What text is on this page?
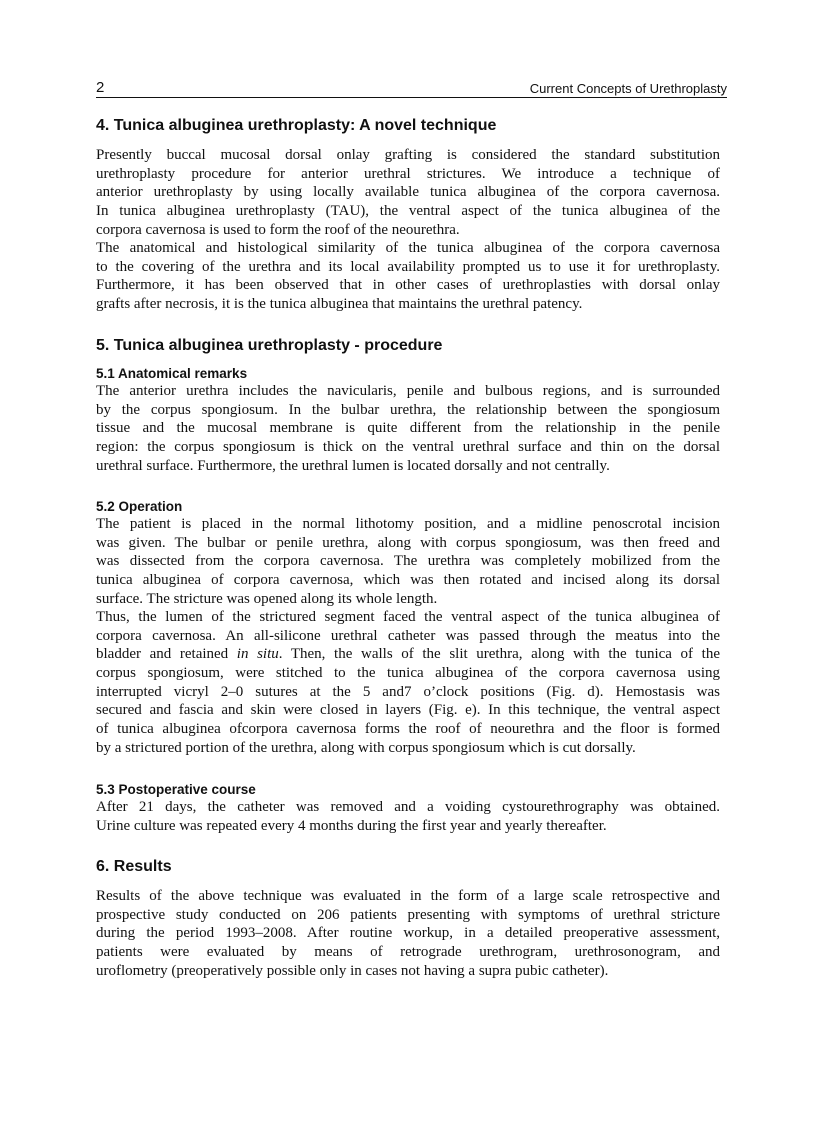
2	Current Concepts of Urethroplasty
4. Tunica albuginea urethroplasty: A novel technique
Presently buccal mucosal dorsal onlay grafting is considered the standard substitution
urethroplasty procedure for anterior urethral strictures. We introduce a technique of
anterior urethroplasty by using locally available tunica albuginea of the corpora cavernosa.
In tunica albuginea urethroplasty (TAU), the ventral aspect of the tunica albuginea of the
corpora cavernosa is used to form the roof of the neourethra.
The anatomical and histological similarity of the tunica albuginea of the corpora cavernosa
to the covering of the urethra and its local availability prompted us to use it for urethroplasty.
Furthermore, it has been observed that in other cases of urethroplasties with dorsal onlay
grafts after necrosis, it is the tunica albuginea that maintains the urethral patency.
5. Tunica albuginea urethroplasty - procedure
5.1 Anatomical remarks
The anterior urethra includes the navicularis, penile and bulbous regions, and is surrounded
by the corpus spongiosum. In the bulbar urethra, the relationship between the spongiosum
tissue and the mucosal membrane is quite different from the relationship in the penile
region: the corpus spongiosum is thick on the ventral urethral surface and thin on the dorsal
urethral surface. Furthermore, the urethral lumen is located dorsally and not centrally.
5.2 Operation
The patient is placed in the normal lithotomy position, and a midline penoscrotal incision
was given. The bulbar or penile urethra, along with corpus spongiosum, was then freed and
was dissected from the corpora cavernosa. The urethra was completely mobilized from the
tunica albuginea of corpora cavernosa, which was then rotated and incised along its dorsal
surface. The stricture was opened along its whole length.
Thus, the lumen of the strictured segment faced the ventral aspect of the tunica albuginea of
corpora cavernosa. An all-silicone urethral catheter was passed through the meatus into the
bladder and retained in situ. Then, the walls of the slit urethra, along with the tunica of the
corpus spongiosum, were stitched to the tunica albuginea of the corpora cavernosa using
interrupted vicryl 2–0 sutures at the 5 and7 o’clock positions (Fig. d). Hemostasis was
secured and fascia and skin were closed in layers (Fig. e). In this technique, the ventral aspect
of tunica albuginea ofcorpora cavernosa forms the roof of neourethra and the floor is formed
by a strictured portion of the urethra, along with corpus spongiosum which is cut dorsally.
5.3 Postoperative course
After 21 days, the catheter was removed and a voiding cystourethrography was obtained.
Urine culture was repeated every 4 months during the first year and yearly thereafter.
6. Results
Results of the above technique was evaluated in the form of a large scale retrospective and
prospective study conducted on 206 patients presenting with symptoms of urethral stricture
during the period 1993–2008. After routine workup, in a detailed preoperative assessment,
patients were evaluated by means of retrograde urethrogram, urethrosonogram, and
uroflometry (preoperatively possible only in cases not having a supra pubic catheter).
